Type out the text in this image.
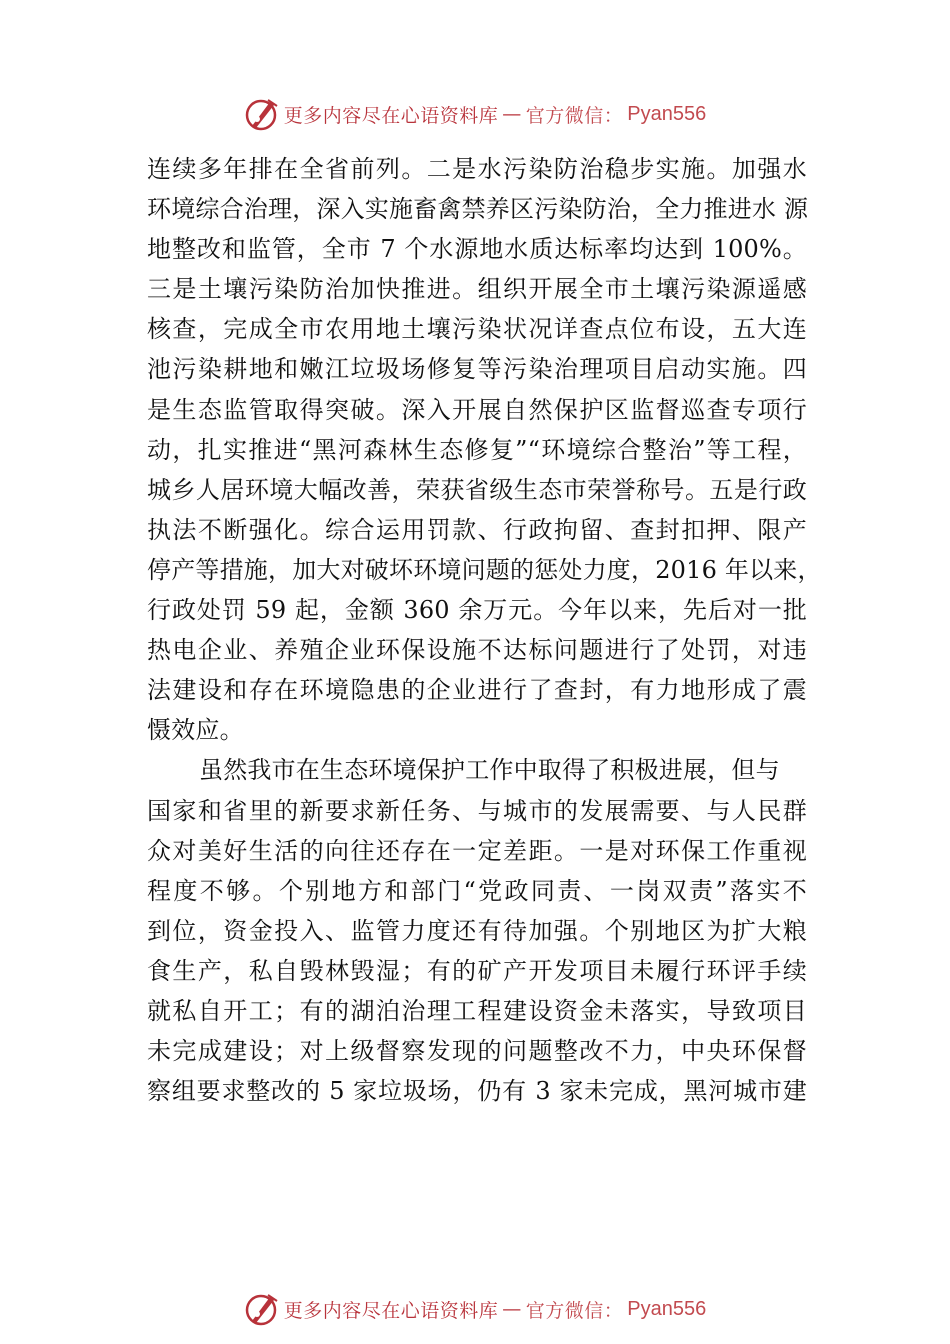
更多内容尽在心语资料库 — 官方微信： Pyan556
连续多年排在全省前列。二是水污染防治稳步实施。加强水
环境综合治理，深入实施畜禽禁养区污染防治，全力推进水 源
地整改和监管，全市 7 个水源地水质达标率均达到 100%。
三是土壤污染防治加快推进。组织开展全市土壤污染源遥感
核查，完成全市农用地土壤污染状况详查点位布设，五大连
池污染耕地和嫩江垃圾场修复等污染治理项目启动实施。四
是生态监管取得突破。深入开展自然保护区监督巡查专项行
动，扎实推进“黑河森林生态修复”“环境综合整治”等工程，
城乡人居环境大幅改善，荣获省级生态市荣誉称号。五是行政
执法不断强化。综合运用罚款、行政拘留、查封扣押、限产
停产等措施，加大对破坏环境问题的惩处力度，2016 年以来，
行政处罚 59 起，金额 360 余万元。今年以来，先后对一批
热电企业、养殖企业环保设施不达标问题进行了处罚，对违
法建设和存在环境隐患的企业进行了查封，有力地形成了震
慑效应。
虽然我市在生态环境保护工作中取得了积极进展，但与
国家和省里的新要求新任务、与城市的发展需要、与人民群
众对美好生活的向往还存在一定差距。一是对环保工作重视
程度不够。个别地方和部门“党政同责、一岗双责”落实不
到位，资金投入、监管力度还有待加强。个别地区为扩大粮
食生产，私自毁林毁湿；有的矿产开发项目未履行环评手续
就私自开工；有的湖泊治理工程建设资金未落实，导致项目
未完成建设；对上级督察发现的问题整改不力，中央环保督
察组要求整改的 5 家垃圾场，仍有 3 家未完成，黑河城市建
更多内容尽在心语资料库 — 官方微信： Pyan556
